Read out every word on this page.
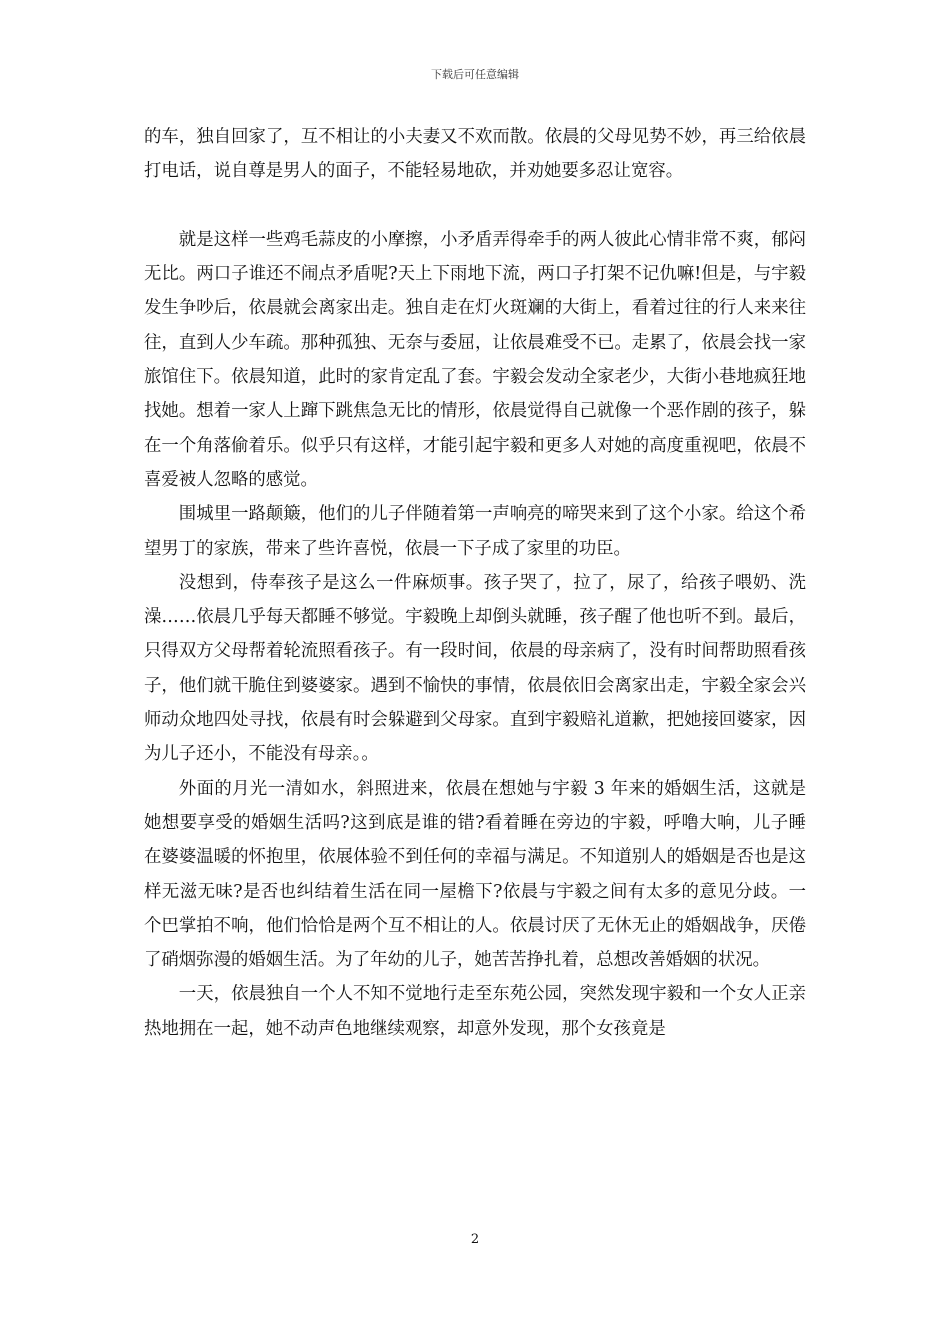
下载后可任意编辑

的车，独自回家了，互不相让的小夫妻又不欢而散。依晨的父母见势不妙，再三给依晨打电话，说自尊是男人的面子，不能轻易地砍，并劝她要多忍让宽容。

就是这样一些鸡毛蒜皮的小摩擦，小矛盾弄得牵手的两人彼此心情非常不爽，郁闷无比。两口子谁还不闹点矛盾呢?天上下雨地下流，两口子打架不记仇嘛!但是，与宇毅发生争吵后，依晨就会离家出走。独自走在灯火斑斓的大街上，看着过往的行人来来往往，直到人少车疏。那种孤独、无奈与委屈，让依晨难受不已。走累了，依晨会找一家旅馆住下。依晨知道，此时的家肯定乱了套。宇毅会发动全家老少，大街小巷地疯狂地找她。想着一家人上蹿下跳焦急无比的情形，依晨觉得自己就像一个恶作剧的孩子，躲在一个角落偷着乐。似乎只有这样，才能引起宇毅和更多人对她的高度重视吧，依晨不喜爱被人忽略的感觉。

围城里一路颠簸，他们的儿子伴随着第一声响亮的啼哭来到了这个小家。给这个希望男丁的家族，带来了些许喜悦，依晨一下子成了家里的功臣。

没想到，侍奉孩子是这么一件麻烦事。孩子哭了，拉了，尿了，给孩子喂奶、洗澡……依晨几乎每天都睡不够觉。宇毅晚上却倒头就睡，孩子醒了他也听不到。最后，只得双方父母帮着轮流照看孩子。有一段时间，依晨的母亲病了，没有时间帮助照看孩子，他们就干脆住到婆婆家。遇到不愉快的事情，依晨依旧会离家出走，宇毅全家会兴师动众地四处寻找，依晨有时会躲避到父母家。直到宇毅赔礼道歉，把她接回婆家，因为儿子还小，不能没有母亲。。

外面的月光一清如水，斜照进来，依晨在想她与宇毅 3 年来的婚姻生活，这就是她想要享受的婚姻生活吗?这到底是谁的错?看着睡在旁边的宇毅，呼噜大响，儿子睡在婆婆温暖的怀抱里，依展体验不到任何的幸福与满足。不知道别人的婚姻是否也是这样无滋无味?是否也纠结着生活在同一屋檐下?依晨与宇毅之间有太多的意见分歧。一个巴掌拍不响，他们恰恰是两个互不相让的人。依晨讨厌了无休无止的婚姻战争，厌倦了硝烟弥漫的婚姻生活。为了年幼的儿子，她苦苦挣扎着，总想改善婚姻的状况。

一天，依晨独自一个人不知不觉地行走至东苑公园，突然发现宇毅和一个女人正亲热地拥在一起，她不动声色地继续观察，却意外发现，那个女孩竟是

2
